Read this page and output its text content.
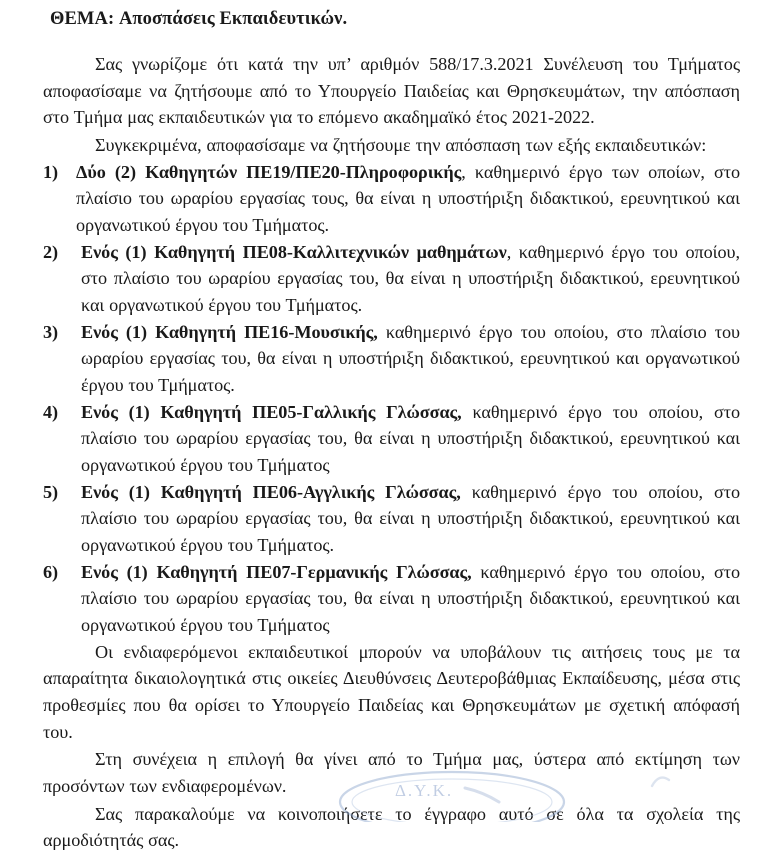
ΘΕΜΑ: Αποσπάσεις Εκπαιδευτικών.

Σας γνωρίζομε ότι κατά την υπ’ αριθμόν 588/17.3.2021 Συνέλευση του Τμήματος αποφασίσαμε να ζητήσουμε από το Υπουργείο Παιδείας και Θρησκευμάτων, την απόσπαση στο Τμήμα μας εκπαιδευτικών για το επόμενο ακαδημαϊκό έτος 2021-2022.

Συγκεκριμένα, αποφασίσαμε να ζητήσουμε την απόσπαση των εξής εκπαιδευτικών:

1) Δύο (2) Καθηγητών ΠΕ19/ΠΕ20-Πληροφορικής, καθημερινό έργο των οποίων, στο πλαίσιο του ωραρίου εργασίας τους, θα είναι η υποστήριξη διδακτικού, ερευνητικού και οργανωτικού έργου του Τμήματος.
2)	Ενός (1) Καθηγητή ΠΕ08-Καλλιτεχνικών μαθημάτων, καθημερινό έργο του οποίου, στο πλαίσιο του ωραρίου εργασίας του, θα είναι η υποστήριξη διδακτικού, ερευνητικού και οργανωτικού έργου του Τμήματος.
3)	Ενός (1) Καθηγητή ΠΕ16-Μουσικής, καθημερινό έργο του οποίου, στο πλαίσιο του ωραρίου εργασίας του, θα είναι η υποστήριξη διδακτικού, ερευνητικού και οργανωτικού έργου του Τμήματος.
4)	Ενός (1) Καθηγητή ΠΕ05-Γαλλικής Γλώσσας, καθημερινό έργο του οποίου, στο πλαίσιο του ωραρίου εργασίας του, θα είναι η υποστήριξη διδακτικού, ερευνητικού και οργανωτικού έργου του Τμήματος
5)	Ενός (1) Καθηγητή ΠΕ06-Αγγλικής Γλώσσας, καθημερινό έργο του οποίου, στο πλαίσιο του ωραρίου εργασίας του, θα είναι η υποστήριξη διδακτικού, ερευνητικού και οργανωτικού έργου του Τμήματος.
6)	Ενός (1) Καθηγητή ΠΕ07-Γερμανικής Γλώσσας, καθημερινό έργο του οποίου, στο πλαίσιο του ωραρίου εργασίας του, θα είναι η υποστήριξη διδακτικού, ερευνητικού και οργανωτικού έργου του Τμήματος

Οι ενδιαφερόμενοι εκπαιδευτικοί μπορούν να υποβάλουν τις αιτήσεις τους με τα απαραίτητα δικαιολογητικά στις οικείες Διευθύνσεις Δευτεροβάθμιας Εκπαίδευσης, μέσα στις προθεσμίες που θα ορίσει το Υπουργείο Παιδείας και Θρησκευμάτων με σχετική απόφασή του.

Στη συνέχεια η επιλογή θα γίνει από το Τμήμα μας, ύστερα από εκτίμηση των προσόντων των ενδιαφερομένων.

Σας παρακαλούμε να κοινοποιήσετε το έγγραφο αυτό σε όλα τα σχολεία της αρμοδιότητάς σας.

Δ.Υ.Κ.
